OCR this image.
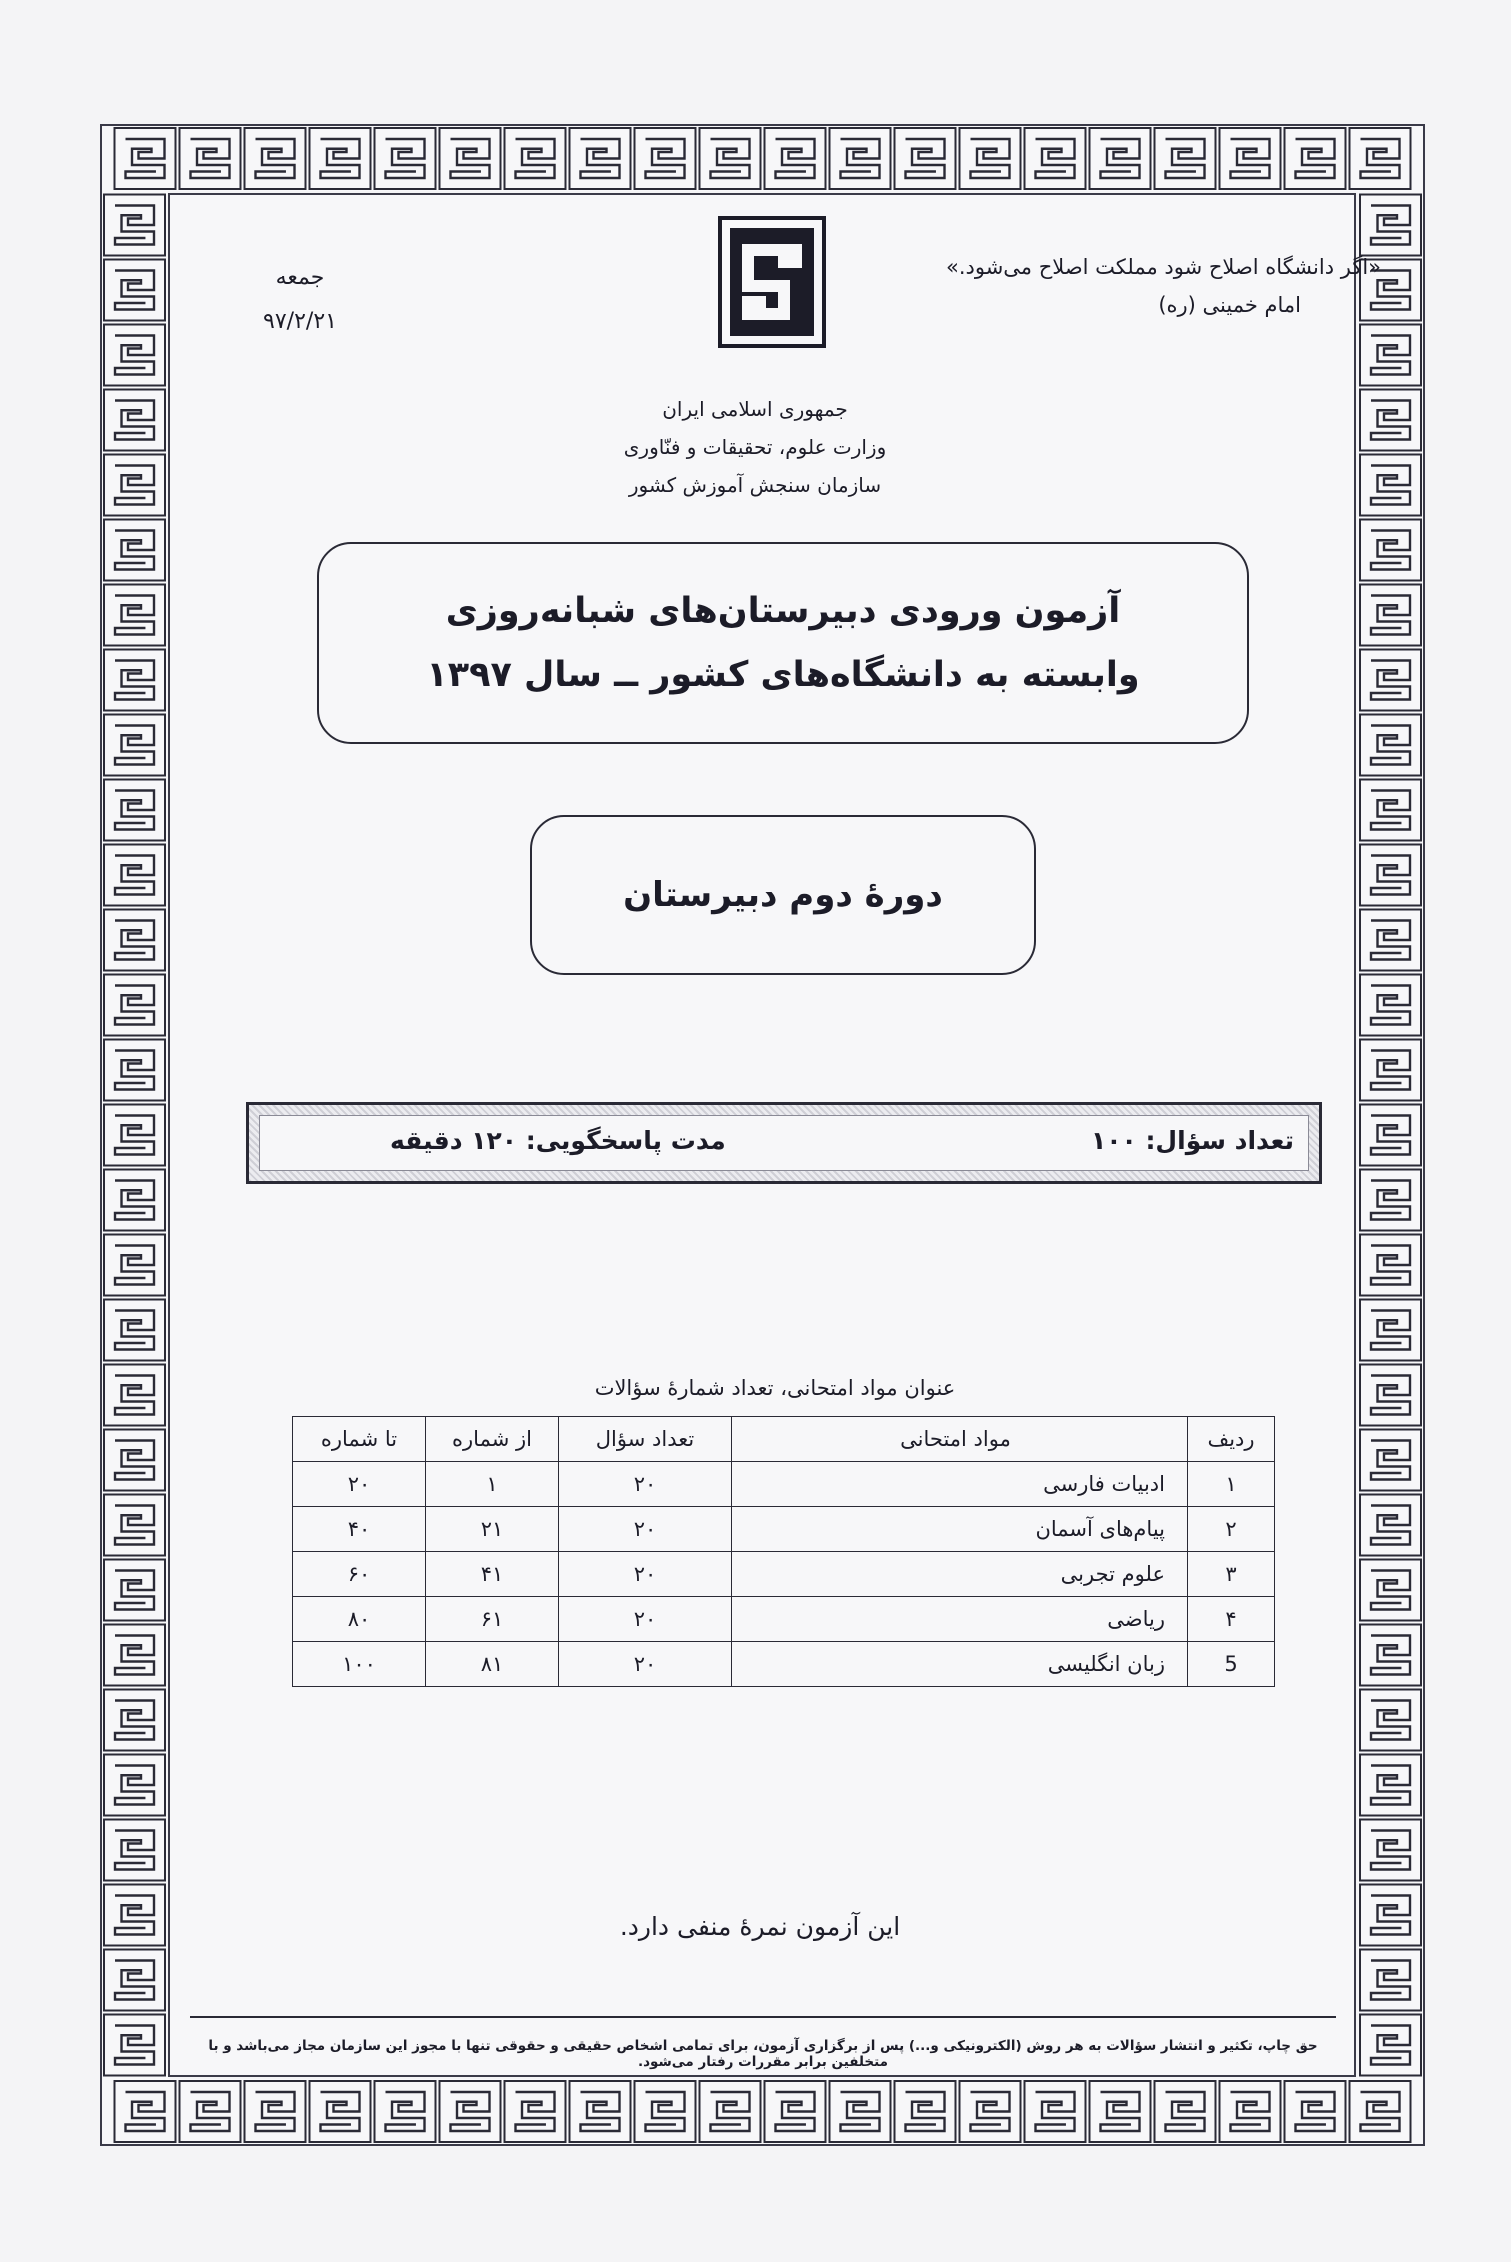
«اگر دانشگاه اصلاح شود مملکت اصلاح می‌شود.»
امام خمینی (ره)
جمعه
۹۷/۲/۲۱
جمهوری اسلامی ایران
وزارت علوم، تحقیقات و فنّاوری
سازمان سنجش آموزش کشور
آزمون ورودی دبیرستان‌های شبانه‌روزی
وابسته به دانشگاه‌های کشور ــ سال ۱۳۹۷
دورهٔ دوم دبیرستان
تعداد سؤال: ۱۰۰
مدت پاسخگویی: ۱۲۰ دقیقه
عنوان مواد امتحانی، تعداد شمارهٔ سؤالات
ردیف	مواد امتحانی	تعداد سؤال	از شماره	تا شماره
۱	ادبیات فارسی	۲۰	۱	۲۰
۲	پیام‌های آسمان	۲۰	۲۱	۴۰
۳	علوم تجربی	۲۰	۴۱	۶۰
۴	ریاضی	۲۰	۶۱	۸۰
5	زبان انگلیسی	۲۰	۸۱	۱۰۰
این آزمون نمرهٔ منفی دارد.
حق چاپ، تکثیر و انتشار سؤالات به هر روش (الکترونیکی و...) پس از برگزاری آزمون، برای تمامی اشخاص حقیقی و حقوقی تنها با مجوز این سازمان مجاز می‌باشد و با متخلفین برابر مقررات رفتار می‌شود.
